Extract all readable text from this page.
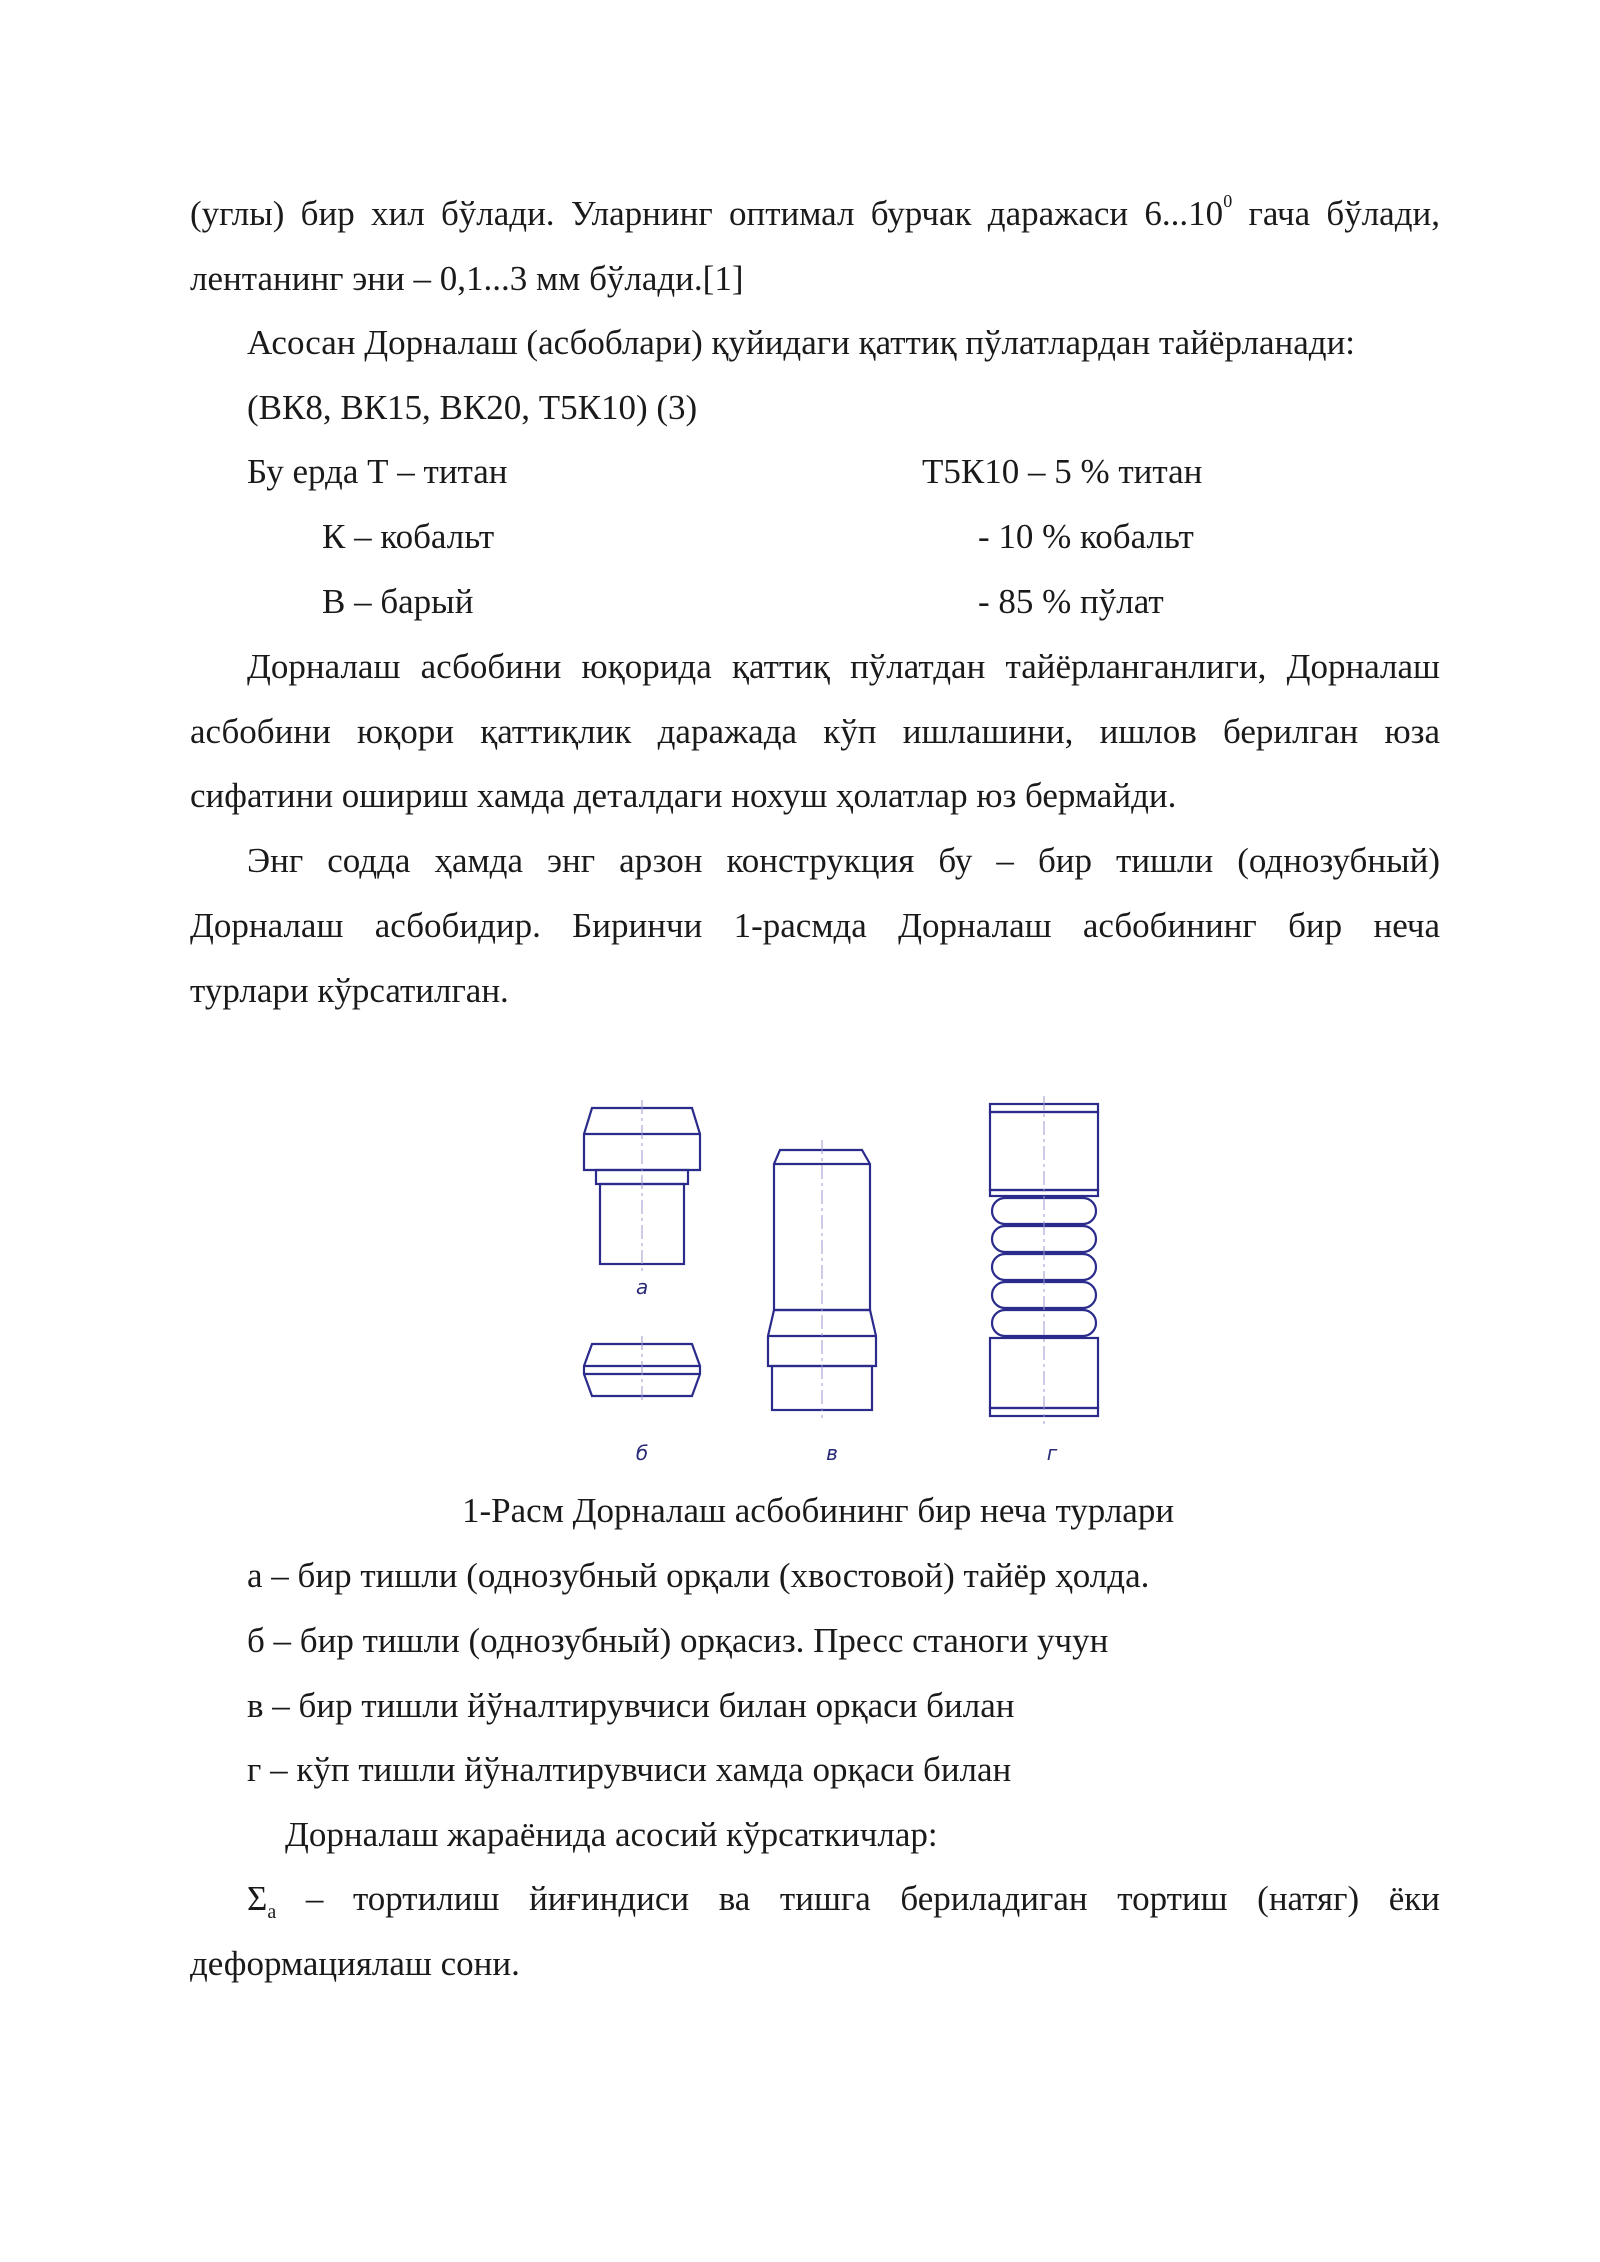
(углы) бир хил бўлади. Уларнинг оптимал бурчак даражаси 6...10$^0$ гача бўлади,
лентанинг эни – 0,1...3 мм бўлади.[1]
Асосан Дорналаш (асбоблари) қуйидаги қаттиқ пўлатлардан тайёрланади:
(ВК8, ВК15, ВК20, Т5К10) (3)
Бу ерда Т – титан	Т5К10 – 5 % титан
К – кобальт	- 10 % кобальт
В – барый	- 85 % пўлат
Дорналаш асбобини юқорида қаттиқ пўлатдан тайёрланганлиги, Дорналаш
асбобини юқори қаттиқлик даражада кўп ишлашини, ишлов берилган юза
сифатини ошириш хамда деталдаги нохуш ҳолатлар юз бермайди.
Энг содда ҳамда энг арзон конструкция бу – бир тишли (однозубный)
Дорналаш асбобидир. Биринчи 1-расмда Дорналаш асбобининг бир неча
турлари кўрсатилган.
а
б	в	г
1-Расм Дорналаш асбобининг бир неча турлари
а – бир тишли (однозубный орқали (хвостовой) тайёр ҳолда.
б – бир тишли (однозубный) орқасиз. Пресс станоги учун
в – бир тишли йўналтирувчиси билан орқаси билан
г – кўп тишли йўналтирувчиси хамда орқаси билан
Дорналаш жараёнида асосий кўрсаткичлар:
$\Sigma_а$ – тортилиш йиғиндиси ва тишга бериладиган тортиш (натяг) ёки
деформациялаш сони.
